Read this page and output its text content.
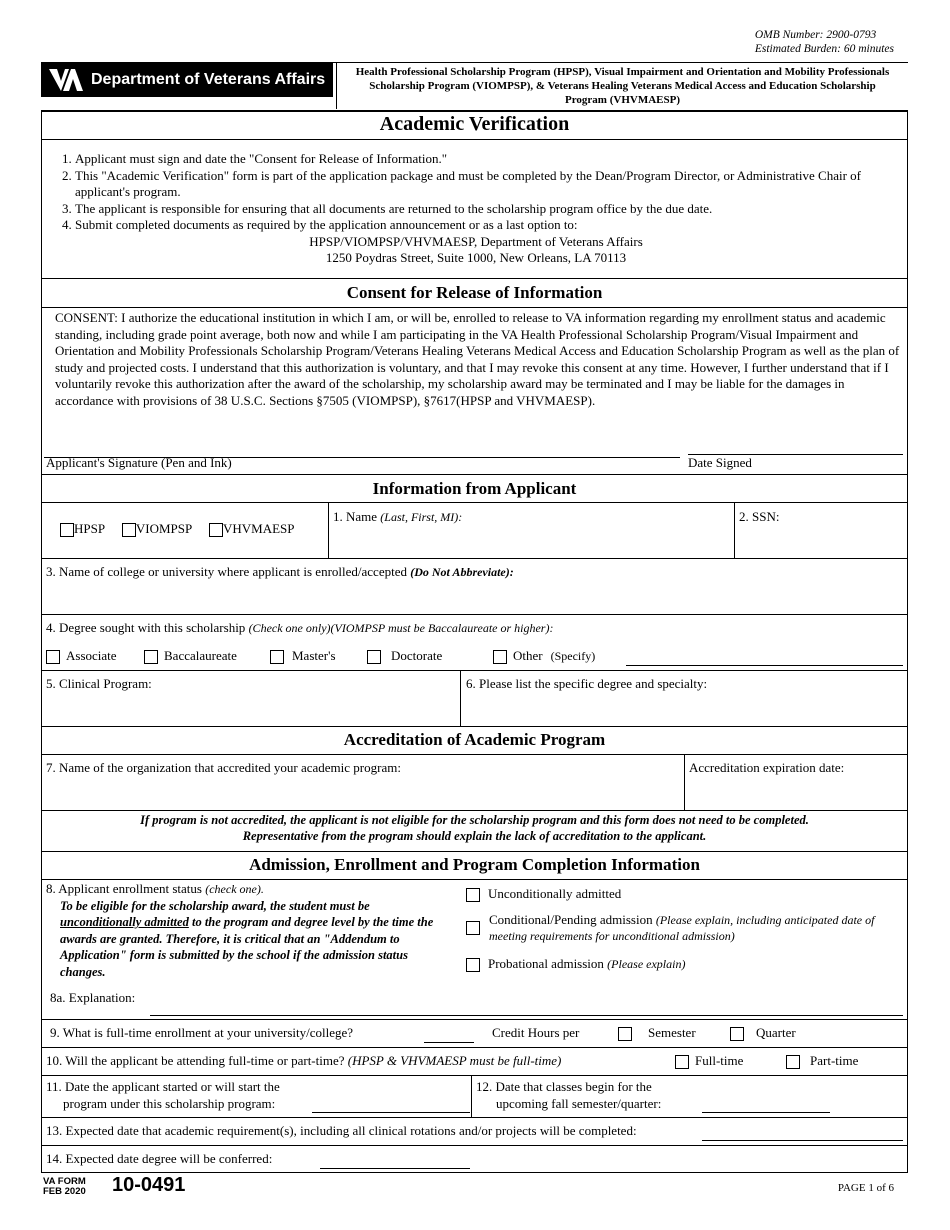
OMB Number: 2900-0793
Estimated Burden: 60 minutes
Department of Veterans Affairs	Health Professional Scholarship Program (HPSP), Visual Impairment and Orientation and Mobility Professionals Scholarship Program (VIOMPSP), & Veterans Healing Veterans Medical Access and Education Scholarship Program (VHVMAESP)
Academic Verification
1. Applicant must sign and date the "Consent for Release of Information."
2. This "Academic Verification" form is part of the application package and must be completed by the Dean/Program Director, or Administrative Chair of applicant's program.
3. The applicant is responsible for ensuring that all documents are returned to the scholarship program office by the due date.
4. Submit completed documents as required by the application announcement or as a last option to:
HPSP/VIOMPSP/VHVMAESP, Department of Veterans Affairs
1250 Poydras Street, Suite 1000, New Orleans, LA 70113
Consent for Release of Information
CONSENT: I authorize the educational institution in which I am, or will be, enrolled to release to VA information regarding my enrollment status and academic standing, including grade point average, both now and while I am participating in the VA Health Professional Scholarship Program/Visual Impairment and Orientation and Mobility Professionals Scholarship Program/Veterans Healing Veterans Medical Access and Education Scholarship Program as well as the plan of study and projected costs. I understand that this authorization is voluntary, and that I may revoke this consent at any time. However, I further understand that if I voluntarily revoke this authorization after the award of the scholarship, my scholarship award may be terminated and I may be liable for the damages in accordance with provisions of 38 U.S.C. Sections §7505 (VIOMPSP), §7617(HPSP and VHVMAESP).
Applicant's Signature (Pen and Ink)	Date Signed
Information from Applicant
HPSP VIOMPSP VHVMAESP
1. Name (Last, First, MI):	2. SSN:
3. Name of college or university where applicant is enrolled/accepted (Do Not Abbreviate):
4. Degree sought with this scholarship (Check one only)(VIOMPSP must be Baccalaureate or higher):
Associate	Baccalaureate	Master's	Doctorate	Other (Specify)
5. Clinical Program:	6. Please list the specific degree and specialty:
Accreditation of Academic Program
7. Name of the organization that accredited your academic program:	Accreditation expiration date:
If program is not accredited, the applicant is not eligible for the scholarship program and this form does not need to be completed.
Representative from the program should explain the lack of accreditation to the applicant.
Admission, Enrollment and Program Completion Information
8. Applicant enrollment status (check one).
To be eligible for the scholarship award, the student must be unconditionally admitted to the program and degree level by the time the awards are granted. Therefore, it is critical that an "Addendum to Application" form is submitted by the school if the admission status changes.
Unconditionally admitted
Conditional/Pending admission (Please explain, including anticipated date of meeting requirements for unconditional admission)
Probational admission (Please explain)
8a. Explanation:
9. What is full-time enrollment at your university/college?	Credit Hours per	Semester	Quarter
10. Will the applicant be attending full-time or part-time? (HPSP & VHVMAESP must be full-time)	Full-time	Part-time
11. Date the applicant started or will start the
program under this scholarship program:
12. Date that classes begin for the
upcoming fall semester/quarter:
13. Expected date that academic requirement(s), including all clinical rotations and/or projects will be completed:
14. Expected date degree will be conferred:
VA FORM
FEB 2020 10-0491	PAGE 1 of 6
